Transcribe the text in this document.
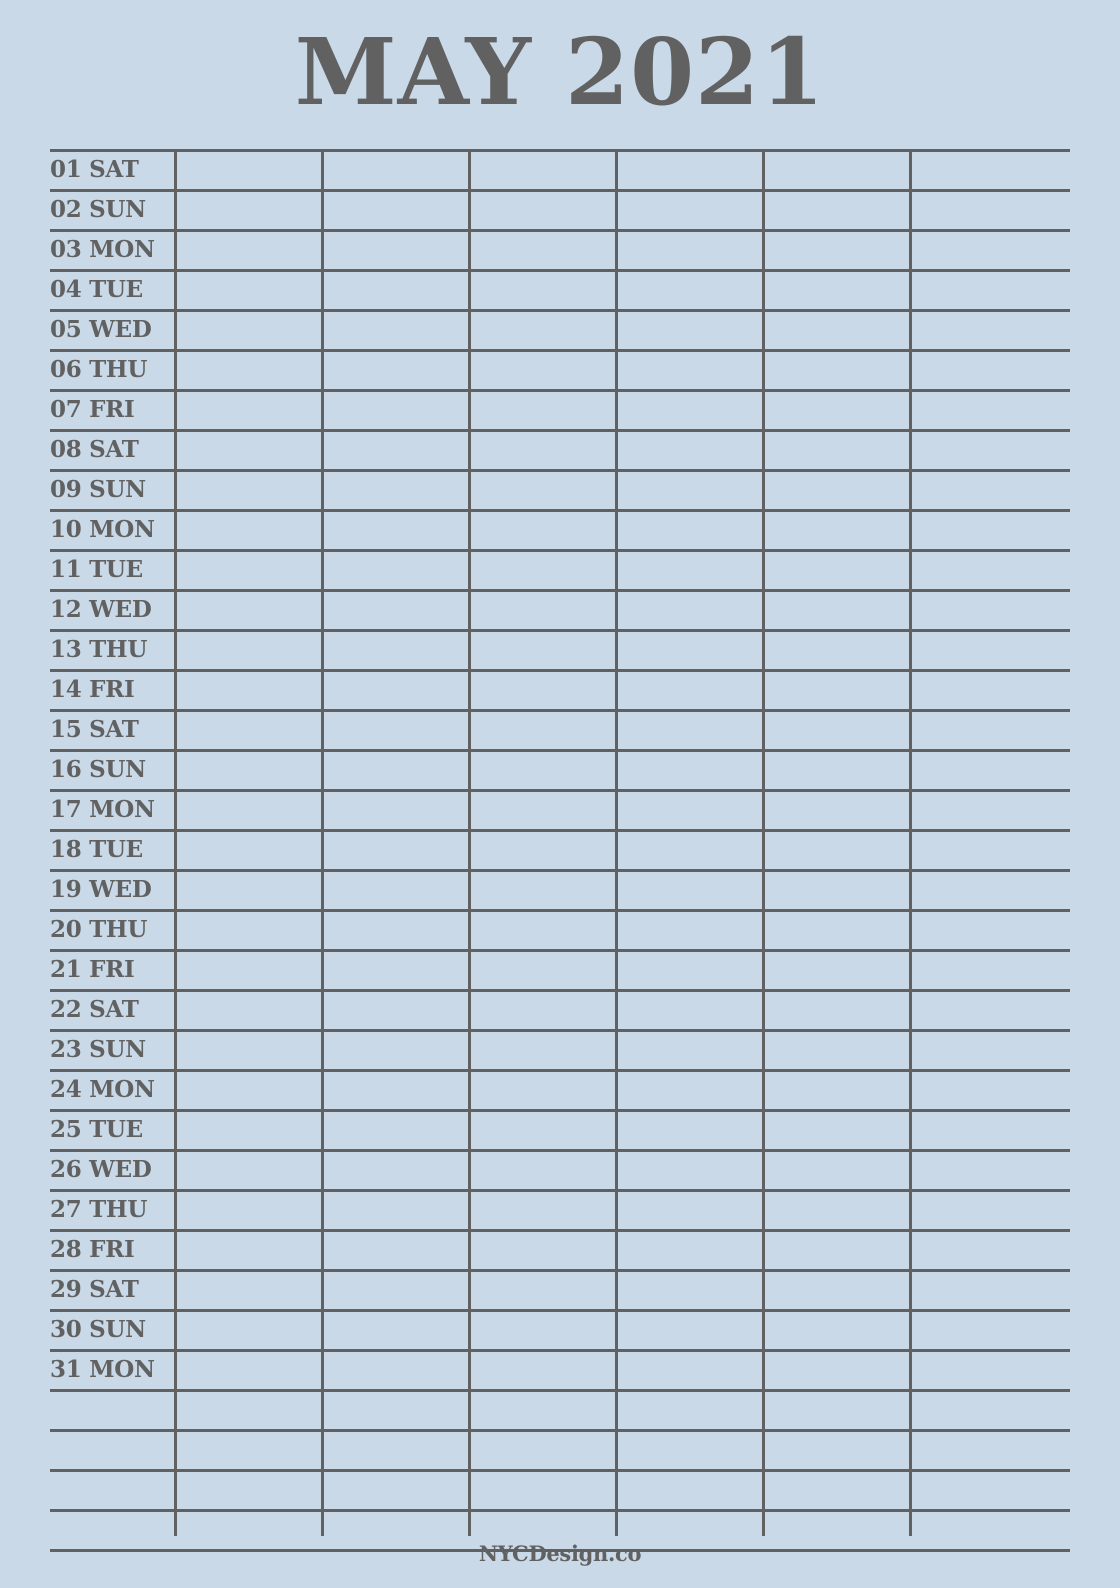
MAY 2021
01 SAT
02 SUN
03 MON
04 TUE
05 WED
06 THU
07 FRI
08 SAT
09 SUN
10 MON
11 TUE
12 WED
13 THU
14 FRI
15 SAT
16 SUN
17 MON
18 TUE
19 WED
20 THU
21 FRI
22 SAT
23 SUN
24 MON
25 TUE
26 WED
27 THU
28 FRI
29 SAT
30 SUN
31 MON
NYCDesign.co
